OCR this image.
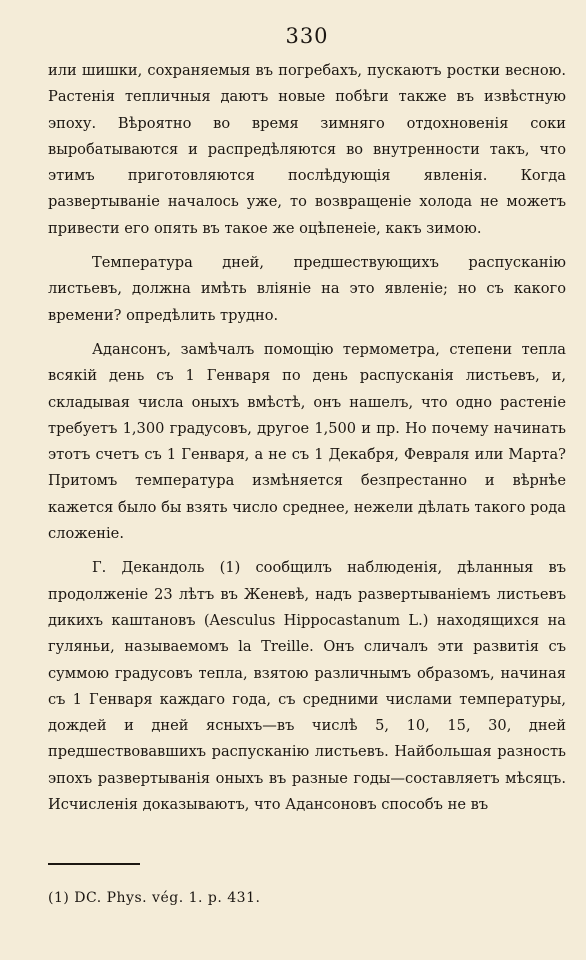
330

или шишки, сохраняемыя въ погребахъ, пускаютъ ростки весною. Растенія тепличныя даютъ новые побѣги также въ извѣстную эпоху. Вѣроятно во время зимняго отдохновенія соки выробатываются и распредѣляются во внутренности такъ, что этимъ приготовляются послѣдующія явленія. Когда развертываніе началось уже, то возвращеніе холода не можетъ привести его опять въ такое же оцѣпенеіе, какъ зимою.

Температура дней, предшествующихъ распусканію листьевъ, должна имѣть вліяніе на это явленіе; но съ какого времени? опредѣлить трудно.

Адансонъ, замѣчалъ помощію термометра, степени тепла всякій день съ 1 Генваря по день распусканія листьевъ, и, складывая числа оныхъ вмѣстѣ, онъ нашелъ, что одно растеніе требуетъ 1,300 градусовъ, другое 1,500 и пр. Но почему начинать этотъ счетъ съ 1 Генваря, а не съ 1 Декабря, Февраля или Марта? Притомъ температура измѣняется безпрестанно и вѣрнѣе кажется было бы взять число среднее, нежели дѣлать такого рода сложеніе.

Г. Декандоль (1) сообщилъ наблюденія, дѣланныя въ продолженіе 23 лѣтъ въ Женевѣ, надъ развертываніемъ листьевъ дикихъ каштановъ (Aesculus Hippocastanum L.) находящихся на гуляньи, называемомъ la Treille. Онъ сличалъ эти развитія съ суммою градусовъ тепла, взятою различнымъ образомъ, начиная съ 1 Генваря каждаго года, съ средними числами температуры, дождей и дней ясныхъ—въ числѣ 5, 10, 15, 30, дней предшествовавшихъ распусканію листьевъ. Найбольшая разность эпохъ развертыванія оныхъ въ разные годы—составляетъ мѣсяцъ. Исчисленія доказываютъ, что Адансоновъ способъ не въ

(1) DC. Phys. vég. 1. p. 431.
